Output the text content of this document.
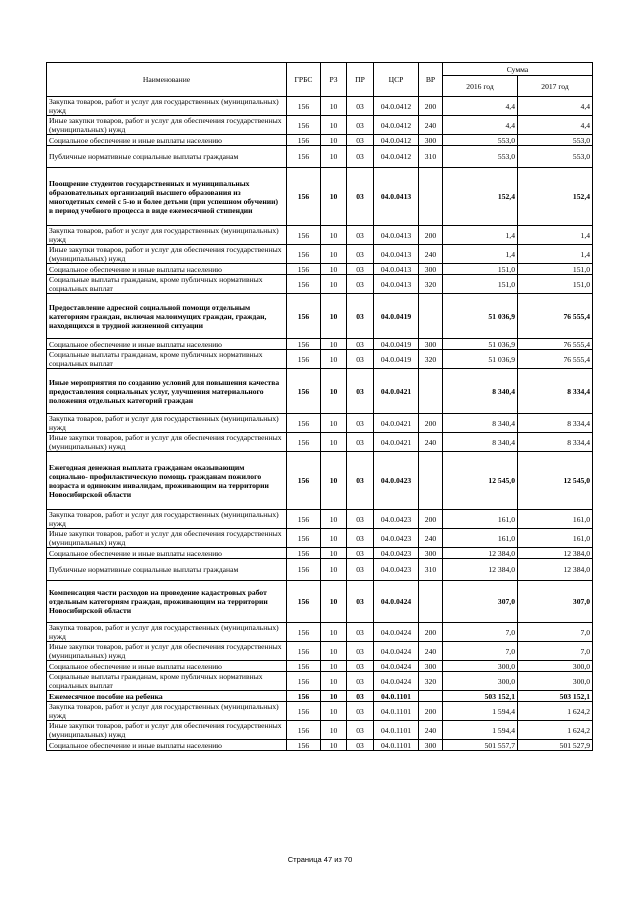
Наименование	ГРБС	РЗ	ПР	ЦСР	ВР	Сумма	
						2016 год	2017 год
Закупка товаров, работ и услуг для государственных (муниципальных) нужд	156	10	03	04.0.0412	200	4,4	4,4
Иные закупки товаров, работ и услуг для обеспечения государственных (муниципальных) нужд	156	10	03	04.0.0412	240	4,4	4,4
Социальное обеспечение и иные выплаты населению	156	10	03	04.0.0412	300	553,0	553,0
Публичные нормативные социальные выплаты гражданам	156	10	03	04.0.0412	310	553,0	553,0
Поощрение студентов государственных и муниципальных образовательных организаций высшего образования из многодетных семей с 5-ю и более детьми (при успешном обучении) в период учебного процесса в виде ежемесячной стипендии	156	10	03	04.0.0413		152,4	152,4
Закупка товаров, работ и услуг для государственных (муниципальных) нужд	156	10	03	04.0.0413	200	1,4	1,4
Иные закупки товаров, работ и услуг для обеспечения государственных (муниципальных) нужд	156	10	03	04.0.0413	240	1,4	1,4
Социальное обеспечение и иные выплаты населению	156	10	03	04.0.0413	300	151,0	151,0
Социальные выплаты гражданам, кроме публичных нормативных социальных выплат	156	10	03	04.0.0413	320	151,0	151,0
Предоставление адресной социальной помощи отдельным категориям граждан, включая малоимущих граждан, граждан, находящихся в трудной жизненной ситуации	156	10	03	04.0.0419		51 036,9	76 555,4
Социальное обеспечение и иные выплаты населению	156	10	03	04.0.0419	300	51 036,9	76 555,4
Социальные выплаты гражданам, кроме публичных нормативных социальных выплат	156	10	03	04.0.0419	320	51 036,9	76 555,4
Иные мероприятия по созданию условий для повышения качества предоставления социальных услуг, улучшения материального положения отдельных категорий граждан	156	10	03	04.0.0421		8 340,4	8 334,4
Закупка товаров, работ и услуг для государственных (муниципальных) нужд	156	10	03	04.0.0421	200	8 340,4	8 334,4
Иные закупки товаров, работ и услуг для обеспечения государственных (муниципальных) нужд	156	10	03	04.0.0421	240	8 340,4	8 334,4
Ежегодная денежная выплата гражданам оказывающим социально- профилактическую помощь гражданам пожилого возраста и одиноким инвалидам, проживающим на территории Новосибирской области	156	10	03	04.0.0423		12 545,0	12 545,0
Закупка товаров, работ и услуг для государственных (муниципальных) нужд	156	10	03	04.0.0423	200	161,0	161,0
Иные закупки товаров, работ и услуг для обеспечения государственных (муниципальных) нужд	156	10	03	04.0.0423	240	161,0	161,0
Социальное обеспечение и иные выплаты населению	156	10	03	04.0.0423	300	12 384,0	12 384,0
Публичные нормативные социальные выплаты гражданам	156	10	03	04.0.0423	310	12 384,0	12 384,0
Компенсация части расходов на проведение кадастровых работ отдельным категориям граждан, проживающим на территории Новосибирской области	156	10	03	04.0.0424		307,0	307,0
Закупка товаров, работ и услуг для государственных (муниципальных) нужд	156	10	03	04.0.0424	200	7,0	7,0
Иные закупки товаров, работ и услуг для обеспечения государственных (муниципальных) нужд	156	10	03	04.0.0424	240	7,0	7,0
Социальное обеспечение и иные выплаты населению	156	10	03	04.0.0424	300	300,0	300,0
Социальные выплаты гражданам, кроме публичных нормативных социальных выплат	156	10	03	04.0.0424	320	300,0	300,0
Ежемесячное пособие на ребенка	156	10	03	04.0.1101		503 152,1	503 152,1
Закупка товаров, работ и услуг для государственных (муниципальных) нужд	156	10	03	04.0.1101	200	1 594,4	1 624,2
Иные закупки товаров, работ и услуг для обеспечения государственных (муниципальных) нужд	156	10	03	04.0.1101	240	1 594,4	1 624,2
Социальное обеспечение и иные выплаты населению	156	10	03	04.0.1101	300	501 557,7	501 527,9
Страница 47 из 70
